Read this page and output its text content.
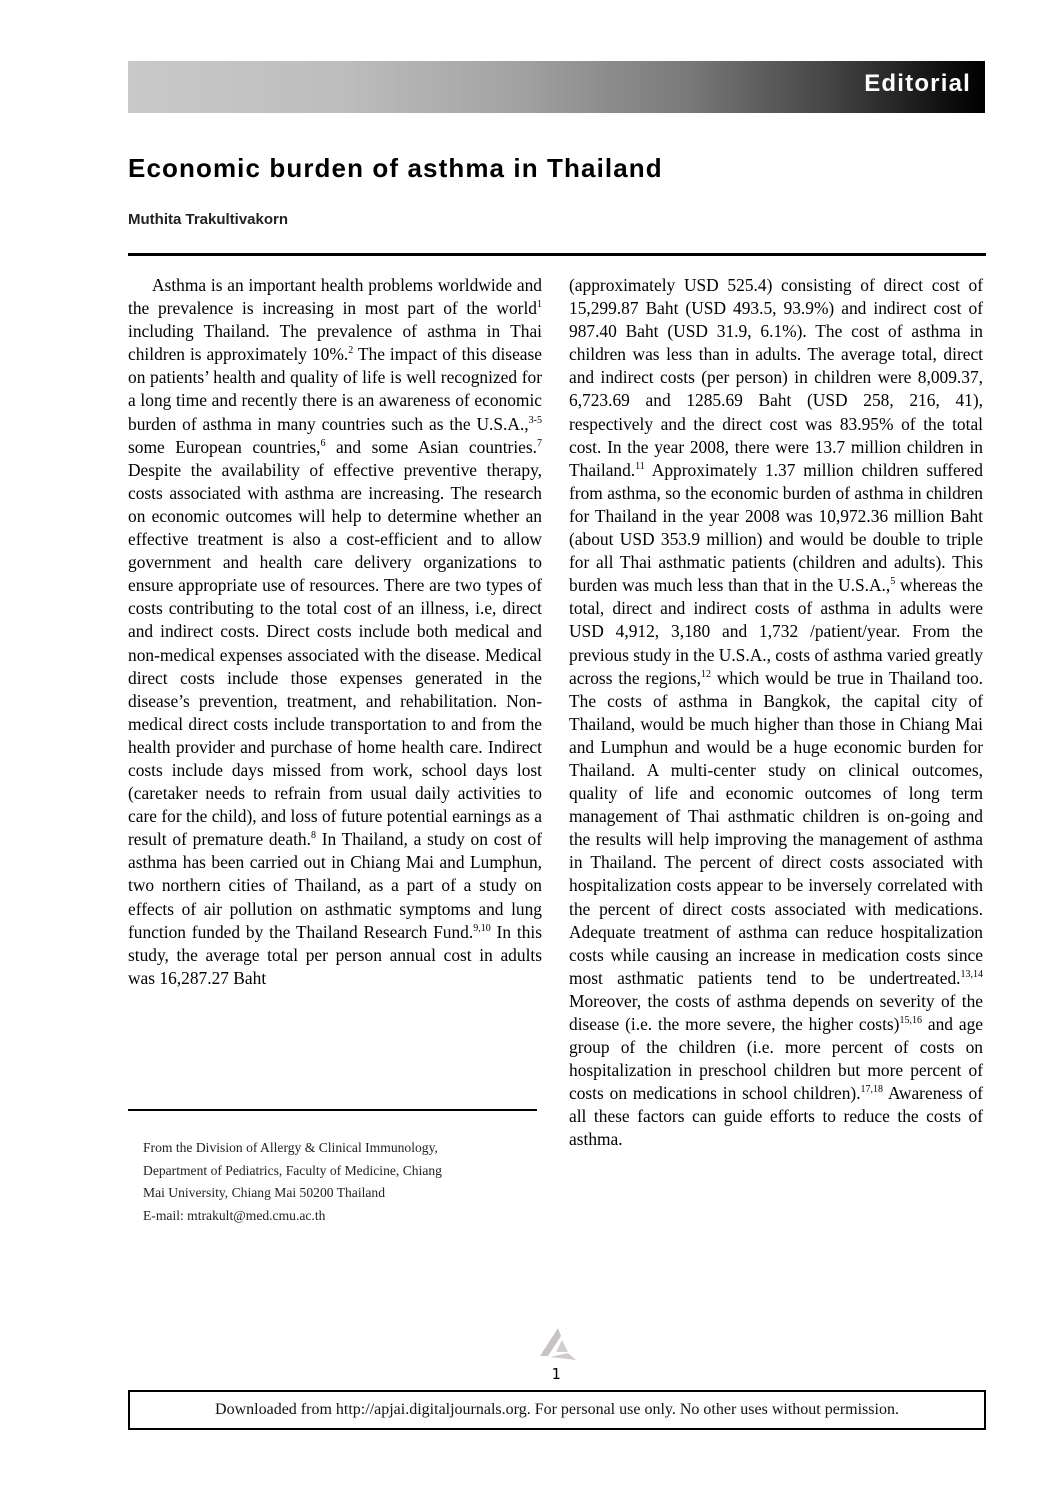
Editorial
Economic burden of asthma in Thailand
Muthita Trakultivakorn

Asthma is an important health problems worldwide and the prevalence is increasing in most part of the world$^1$ including Thailand. The prevalence of asthma in Thai children is approximately 10%.$^2$ The impact of this disease on patients’ health and quality of life is well recognized for a long time and recently there is an awareness of economic burden of asthma in many countries such as the U.S.A.,$^{3-5}$ some European countries,$^6$ and some Asian countries.$^7$ Despite the availability of effective preventive therapy, costs associated with asthma are increasing. The research on economic outcomes will help to determine whether an effective treatment is also a cost-efficient and to allow government and health care delivery organizations to ensure appropriate use of resources. There are two types of costs contributing to the total cost of an illness, i.e, direct and indirect costs. Direct costs include both medical and non-medical expenses associated with the disease. Medical direct costs include those expenses generated in the disease’s prevention, treatment, and rehabilitation. Non-medical direct costs include transportation to and from the health provider and purchase of home health care. Indirect costs include days missed from work, school days lost (caretaker needs to refrain from usual daily activities to care for the child), and loss of future potential earnings as a result of premature death.$^8$ In Thailand, a study on cost of asthma has been carried out in Chiang Mai and Lumphun, two northern cities of Thailand, as a part of a study on effects of air pollution on asthmatic symptoms and lung function funded by the Thailand Research Fund.$^{9,10}$ In this study, the average total per person annual cost in adults was 16,287.27 Baht

(approximately USD 525.4) consisting of direct cost of 15,299.87 Baht (USD 493.5, 93.9%) and indirect cost of 987.40 Baht (USD 31.9, 6.1%). The cost of asthma in children was less than in adults. The average total, direct and indirect costs (per person) in children were 8,009.37, 6,723.69 and 1285.69 Baht (USD 258, 216, 41), respectively and the direct cost was 83.95% of the total cost. In the year 2008, there were 13.7 million children in Thailand.$^{11}$ Approximately 1.37 million children suffered from asthma, so the economic burden of asthma in children for Thailand in the year 2008 was 10,972.36 million Baht (about USD 353.9 million) and would be double to triple for all Thai asthmatic patients (children and adults). This burden was much less than that in the U.S.A.,$^5$ whereas the total, direct and indirect costs of asthma in adults were USD 4,912, 3,180 and 1,732 /patient/year. From the previous study in the U.S.A., costs of asthma varied greatly across the regions,$^{12}$ which would be true in Thailand too. The costs of asthma in Bangkok, the capital city of Thailand, would be much higher than those in Chiang Mai and Lumphun and would be a huge economic burden for Thailand. A multi-center study on clinical outcomes, quality of life and economic outcomes of long term management of Thai asthmatic children is on-going and the results will help improving the management of asthma in Thailand. The percent of direct costs associated with hospitalization costs appear to be inversely correlated with the percent of direct costs associated with medications. Adequate treatment of asthma can reduce hospitalization costs while causing an increase in medication costs since most asthmatic patients tend to be undertreated.$^{13,14}$ Moreover, the costs of asthma depends on severity of the disease (i.e. the more severe, the higher costs)$^{15,16}$ and age group of the children (i.e. more percent of costs on hospitalization in preschool children but more percent of costs on medications in school children).$^{17,18}$ Awareness of all these factors can guide efforts to reduce the costs of asthma.

From the Division of Allergy & Clinical Immunology,
Department of Pediatrics, Faculty of Medicine, Chiang
Mai University, Chiang Mai 50200 Thailand
E-mail: mtrakult@med.cmu.ac.th
1
Downloaded from http://apjai.digitaljournals.org. For personal use only. No other uses without permission.
